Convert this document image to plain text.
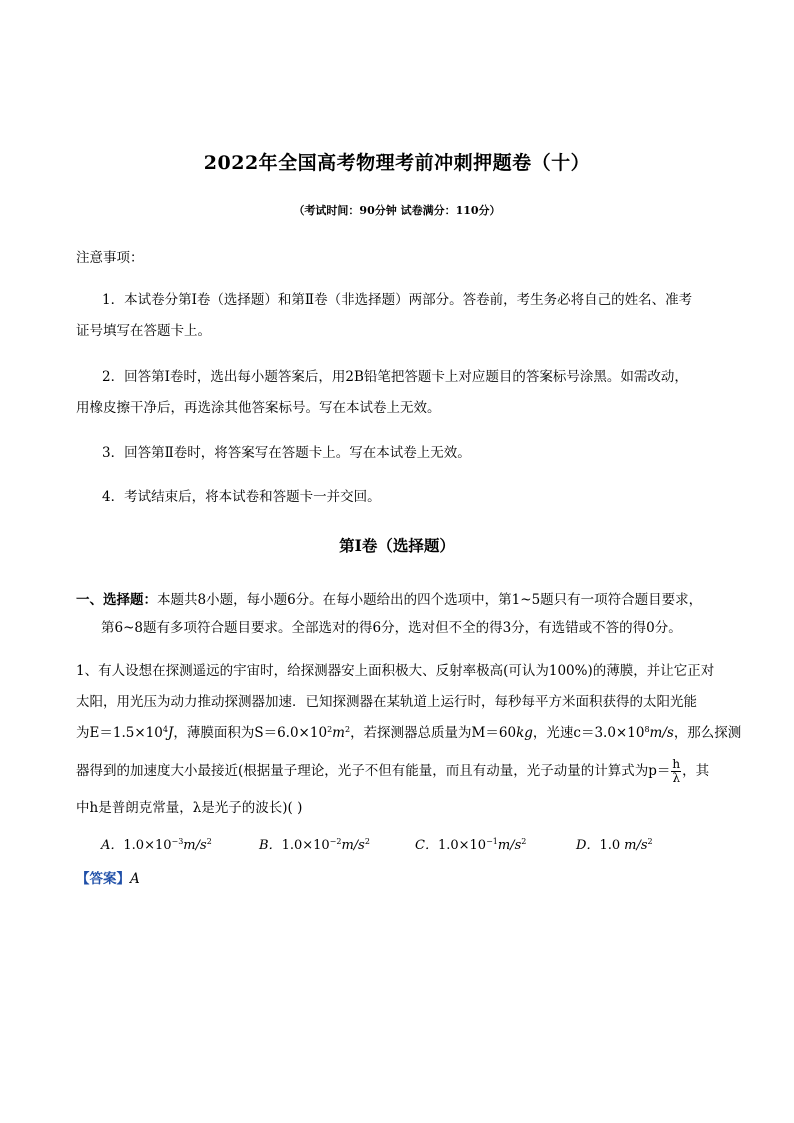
2022年全国高考物理考前冲刺押题卷（十）
（考试时间：90分钟 试卷满分：110分）
注意事项：
1．本试卷分第Ⅰ卷（选择题）和第Ⅱ卷（非选择题）两部分。答卷前，考生务必将自己的姓名、准考
证号填写在答题卡上。
2．回答第Ⅰ卷时，选出每小题答案后，用2B铅笔把答题卡上对应题目的答案标号涂黑。如需改动，
用橡皮擦干净后，再选涂其他答案标号。写在本试卷上无效。
3．回答第Ⅱ卷时，将答案写在答题卡上。写在本试卷上无效。
4．考试结束后，将本试卷和答题卡一并交回。
第Ⅰ卷（选择题）
一、选择题：本题共8小题，每小题6分。在每小题给出的四个选项中，第1~5题只有一项符合题目要求，
第6~8题有多项符合题目要求。全部选对的得6分，选对但不全的得3分，有选错或不答的得0分。
1、有人设想在探测遥远的宇宙时，给探测器安上面积极大、反射率极高(可认为100%)的薄膜，并让它正对
太阳，用光压为动力推动探测器加速．已知探测器在某轨道上运行时，每秒每平方米面积获得的太阳光能
为$E=1.5\times 10^4J$，薄膜面积为$S=6.0\times 10^2m^2$，若探测器总质量为M＝60kg，光速$c=3.0\times 10^8m/s$，那么探测
器得到的加速度大小最接近(根据量子理论，光子不但有能量，而且有动量，光子动量的计算式为$p= \frac{h}{\lambda}$ ，其
中h是普朗克常量，λ是光子的波长)( )
A．$1.0\times 10^{-3}m/s^2$	B．$1.0\times 10^{-2}m/s^2$	C．$1.0\times 10^{-1}m/s^2$	D．1.0 $m/s^2$
【答案】A
